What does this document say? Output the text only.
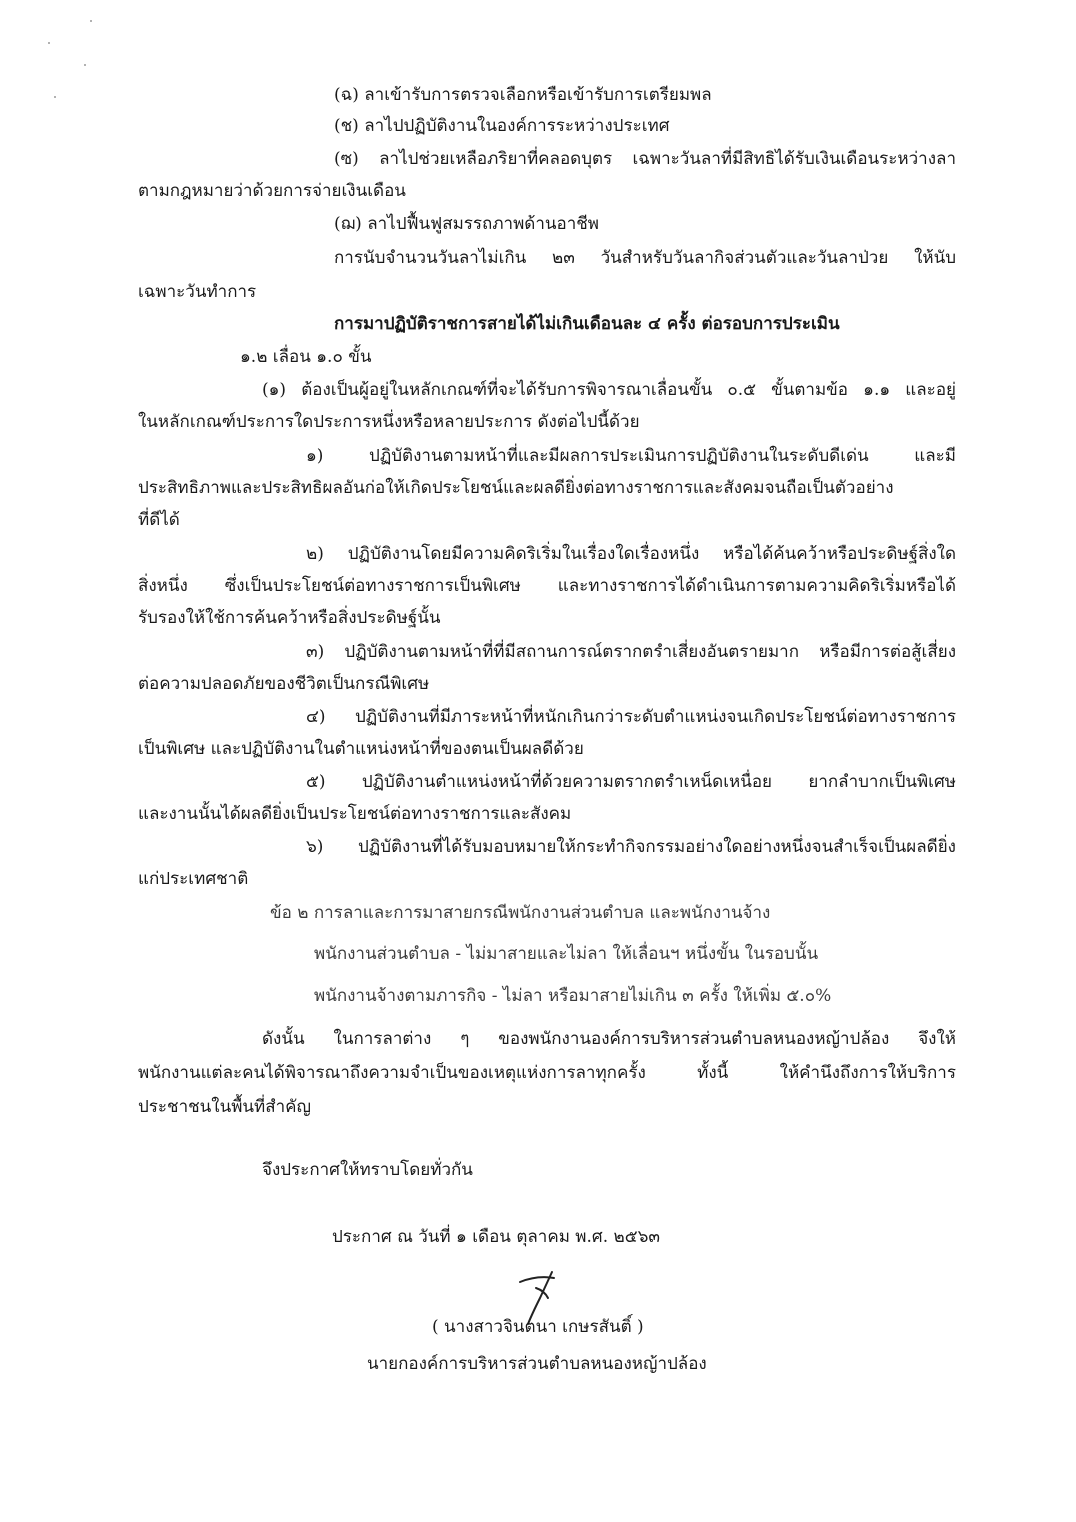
(ฉ) ลาเข้ารับการตรวจเลือกหรือเข้ารับการเตรียมพล
(ช) ลาไปปฏิบัติงานในองค์การระหว่างประเทศ
(ซ) ลาไปช่วยเหลือภริยาที่คลอดบุตร เฉพาะวันลาที่มีสิทธิได้รับเงินเดือนระหว่างลา
ตามกฎหมายว่าด้วยการจ่ายเงินเดือน
(ฌ) ลาไปฟื้นฟูสมรรถภาพด้านอาชีพ
การนับจำนวนวันลาไม่เกิน ๒๓ วันสำหรับวันลากิจส่วนตัวและวันลาป่วย ให้นับ
เฉพาะวันทำการ
การมาปฏิบัติราชการสายได้ไม่เกินเดือนละ ๔ ครั้ง ต่อรอบการประเมิน
๑.๒ เลื่อน ๑.๐ ขั้น
(๑) ต้องเป็นผู้อยู่ในหลักเกณฑ์ที่จะได้รับการพิจารณาเลื่อนขั้น ๐.๕ ขั้นตามข้อ ๑.๑ และอยู่
ในหลักเกณฑ์ประการใดประการหนึ่งหรือหลายประการ ดังต่อไปนี้ด้วย
๑) ปฏิบัติงานตามหน้าที่และมีผลการประเมินการปฏิบัติงานในระดับดีเด่น และมี
ประสิทธิภาพและประสิทธิผลอันก่อให้เกิดประโยชน์และผลดียิ่งต่อทางราชการและสังคมจนถือเป็นตัวอย่าง
ที่ดีได้
๒) ปฏิบัติงานโดยมีความคิดริเริ่มในเรื่องใดเรื่องหนึ่ง หรือได้ค้นคว้าหรือประดิษฐ์สิ่งใด
สิ่งหนึ่ง ซึ่งเป็นประโยชน์ต่อทางราชการเป็นพิเศษ และทางราชการได้ดำเนินการตามความคิดริเริ่มหรือได้
รับรองให้ใช้การค้นคว้าหรือสิ่งประดิษฐ์นั้น
๓) ปฏิบัติงานตามหน้าที่ที่มีสถานการณ์ตรากตรำเสี่ยงอันตรายมาก หรือมีการต่อสู้เสี่ยง
ต่อความปลอดภัยของชีวิตเป็นกรณีพิเศษ
๔) ปฏิบัติงานที่มีภาระหน้าที่หนักเกินกว่าระดับตำแหน่งจนเกิดประโยชน์ต่อทางราชการ
เป็นพิเศษ และปฏิบัติงานในตำแหน่งหน้าที่ของตนเป็นผลดีด้วย
๕) ปฏิบัติงานตำแหน่งหน้าที่ด้วยความตรากตรำเหน็ดเหนื่อย ยากลำบากเป็นพิเศษ
และงานนั้นได้ผลดียิ่งเป็นประโยชน์ต่อทางราชการและสังคม
๖) ปฏิบัติงานที่ได้รับมอบหมายให้กระทำกิจกรรมอย่างใดอย่างหนึ่งจนสำเร็จเป็นผลดียิ่ง
แก่ประเทศชาติ
ข้อ ๒ การลาและการมาสายกรณีพนักงานส่วนตำบล และพนักงานจ้าง
พนักงานส่วนตำบล - ไม่มาสายและไม่ลา ให้เลื่อนฯ หนึ่งขั้น ในรอบนั้น
พนักงานจ้างตามภารกิจ - ไม่ลา หรือมาสายไม่เกิน ๓ ครั้ง ให้เพิ่ม ๕.๐%
ดังนั้น ในการลาต่าง ๆ ของพนักงานองค์การบริหารส่วนตำบลหนองหญ้าปล้อง จึงให้
พนักงานแต่ละคนได้พิจารณาถึงความจำเป็นของเหตุแห่งการลาทุกครั้ง ทั้งนี้ ให้คำนึงถึงการให้บริการ
ประชาชนในพื้นที่สำคัญ
จึงประกาศให้ทราบโดยทั่วกัน
ประกาศ ณ วันที่ ๑ เดือน ตุลาคม พ.ศ. ๒๕๖๓
( นางสาวจินตนา เกษรสันติ์ )
นายกองค์การบริหารส่วนตำบลหนองหญ้าปล้อง
